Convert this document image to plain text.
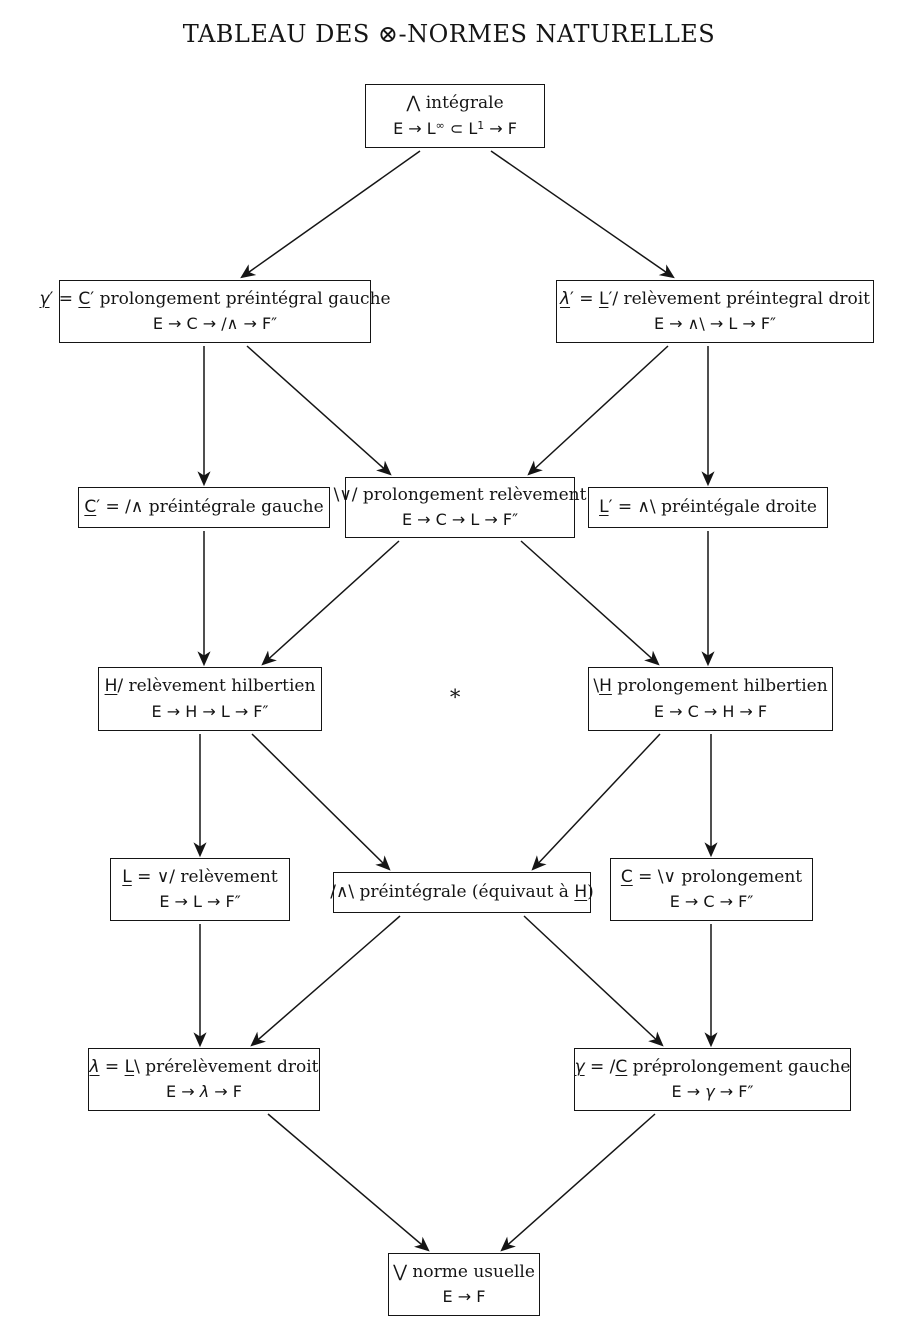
TABLEAU DES ⊗-NORMES NATURELLES
⋀ intégrale
E → L∞ ⊂ $L^1 \to F$
γ′ = C′ prolongement préintégral gauche
E → C → /∧ → F″
λ′ = L′/ relèvement préintegral droit
E → ∧\ → L → F″
C′ = /∧ préintégrale gauche
\∨/ prolongement relèvement
E → C → L → F″
L′ = ∧\ préintégale droite
H/ relèvement hilbertien
E → H → L → F″
∗	\H prolongement hilbertien
E → C → H → F
L = ∨/ relèvement
E → L → F″	/∧\ préintégrale (équivaut à H)
C = \∨ prolongement
E → C → F″
λ = L\ prérelèvement droit
E → λ → F
γ = /C préprolongement gauche
E → γ → F″
⋁ norme usuelle
E → F
